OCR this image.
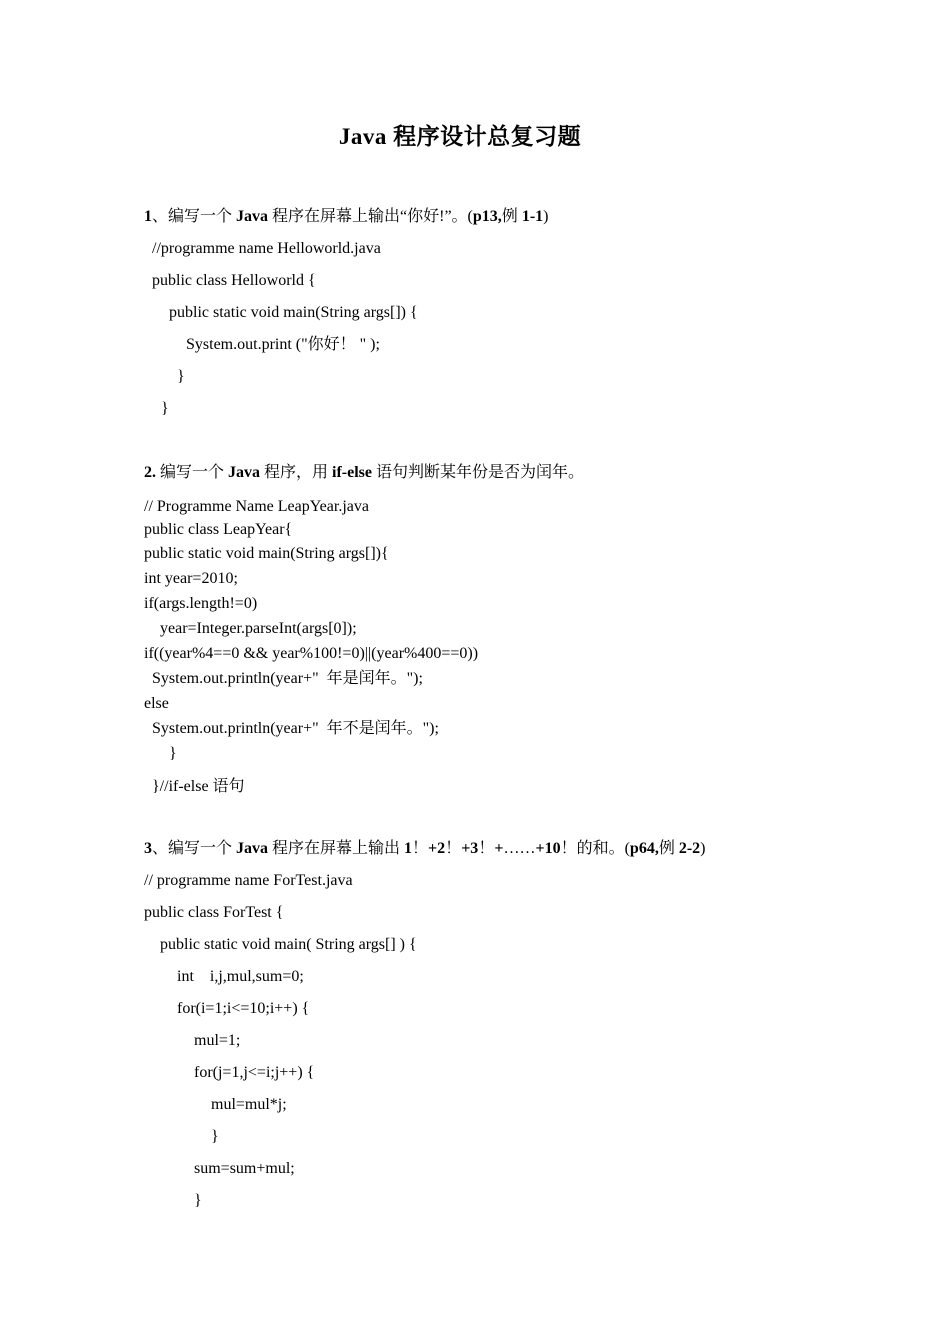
Java 程序设计总复习题
1、编写一个 Java 程序在屏幕上输出“你好!”。(p13,例 1-1)
//programme name Helloworld.java
public class Helloworld {
public static void main(String args[]) {
System.out.print ("你好！ " );
}
}
2. 编写一个 Java 程序，用 if-else 语句判断某年份是否为闰年。
// Programme Name LeapYear.java
public class LeapYear{
public static void main(String args[]){
int year=2010;
if(args.length!=0)
year=Integer.parseInt(args[0]);
if((year%4==0 && year%100!=0)||(year%400==0))
System.out.println(year+"  年是闰年。");
else
System.out.println(year+"  年不是闰年。");
}
}//if-else 语句
3、编写一个 Java 程序在屏幕上输出 1！+2！+3！+……+10！的和。(p64,例 2-2)
// programme name ForTest.java
public class ForTest {
public static void main( String args[] ) {
int    i,j,mul,sum=0;
for(i=1;i<=10;i++) {
mul=1;
for(j=1,j<=i;j++) {
mul=mul*j;
}
sum=sum+mul;
}
